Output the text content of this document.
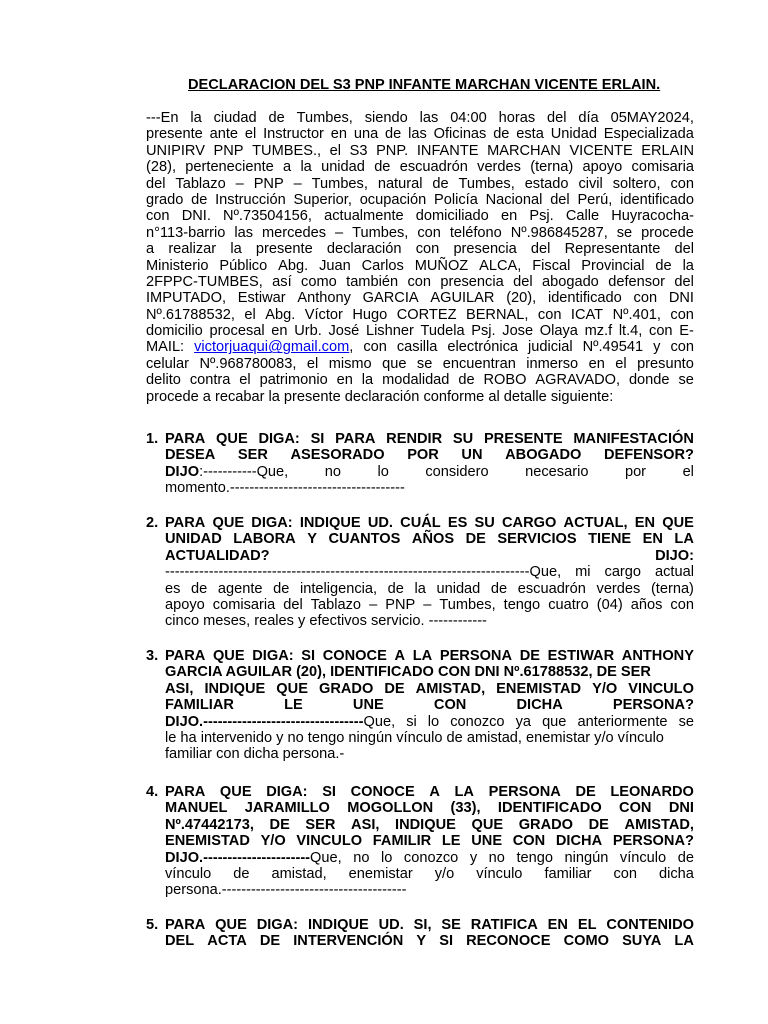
DECLARACION DEL S3 PNP INFANTE MARCHAN VICENTE ERLAIN.
---En la ciudad de Tumbes, siendo las 04:00 horas del día 05MAY2024,
presente ante el Instructor en una de las Oficinas de esta Unidad Especializada
UNIPIRV PNP TUMBES., el S3 PNP. INFANTE MARCHAN VICENTE ERLAIN
(28), perteneciente a la unidad de escuadrón verdes (terna) apoyo comisaria
del Tablazo – PNP – Tumbes, natural de Tumbes, estado civil soltero, con
grado de Instrucción Superior, ocupación Policía Nacional del Perú, identificado
con DNI. Nº.73504156, actualmente domiciliado en Psj. Calle Huyracocha-
n°113-barrio las mercedes – Tumbes, con teléfono Nº.986845287, se procede
a realizar la presente declaración con presencia del Representante del
Ministerio Público Abg. Juan Carlos MUÑOZ ALCA, Fiscal Provincial de la
2FPPC-TUMBES, así como también con presencia del abogado defensor del
IMPUTADO, Estiwar Anthony GARCIA AGUILAR (20), identificado con DNI
Nº.61788532, el Abg. Víctor Hugo CORTEZ BERNAL, con ICAT Nº.401, con
domicilio procesal en Urb. José Lishner Tudela Psj. Jose Olaya mz.f lt.4, con E-
MAIL: victorjuaqui@gmail.com, con casilla electrónica judicial Nº.49541 y con
celular Nº.968780083, el mismo que se encuentran inmerso en el presunto
delito contra el patrimonio en la modalidad de ROBO AGRAVADO, donde se
procede a recabar la presente declaración conforme al detalle siguiente:
1. PARA QUE DIGA: SI PARA RENDIR SU PRESENTE MANIFESTACIÓN
DESEA SER ASESORADO POR UN ABOGADO DEFENSOR?
DIJO:-----------Que,	no	lo	considero	necesario	por	el
momento.------------------------------------
2. PARA QUE DIGA: INDIQUE UD. CUÁL ES SU CARGO ACTUAL, EN QUE
UNIDAD LABORA Y CUANTOS AÑOS DE SERVICIOS TIENE EN LA
ACTUALIDAD?	DIJO:
---------------------------------------------------------------------------Que, mi cargo actual
es de agente de inteligencia, de la unidad de escuadrón verdes (terna)
apoyo comisaria del Tablazo – PNP – Tumbes, tengo cuatro (04) años con
cinco meses, reales y efectivos servicio. ------------
3. PARA QUE DIGA: SI CONOCE A LA PERSONA DE ESTIWAR ANTHONY
GARCIA AGUILAR (20), IDENTIFICADO CON DNI Nº.61788532, DE SER
ASI, INDIQUE QUE GRADO DE AMISTAD, ENEMISTAD Y/O VINCULO
FAMILIAR	LE	UNE	CON	DICHA	PERSONA?
DIJO.---------------------------------Que, si lo conozco ya que anteriormente se
le ha intervenido y no tengo ningún vínculo de amistad, enemistar y/o vínculo
familiar con dicha persona.-
4. PARA QUE DIGA: SI CONOCE A LA PERSONA DE LEONARDO
MANUEL JARAMILLO MOGOLLON (33), IDENTIFICADO CON DNI
Nº.47442173, DE SER ASI, INDIQUE QUE GRADO DE AMISTAD,
ENEMISTAD Y/O VINCULO FAMILIR LE UNE CON DICHA PERSONA?
DIJO.----------------------Que, no lo conozco y no tengo ningún vínculo de
vínculo de amistad, enemistar y/o vínculo familiar con dicha
persona.--------------------------------------
5. PARA QUE DIGA: INDIQUE UD. SI, SE RATIFICA EN EL CONTENIDO
DEL ACTA DE INTERVENCIÓN Y SI RECONOCE COMO SUYA LA
